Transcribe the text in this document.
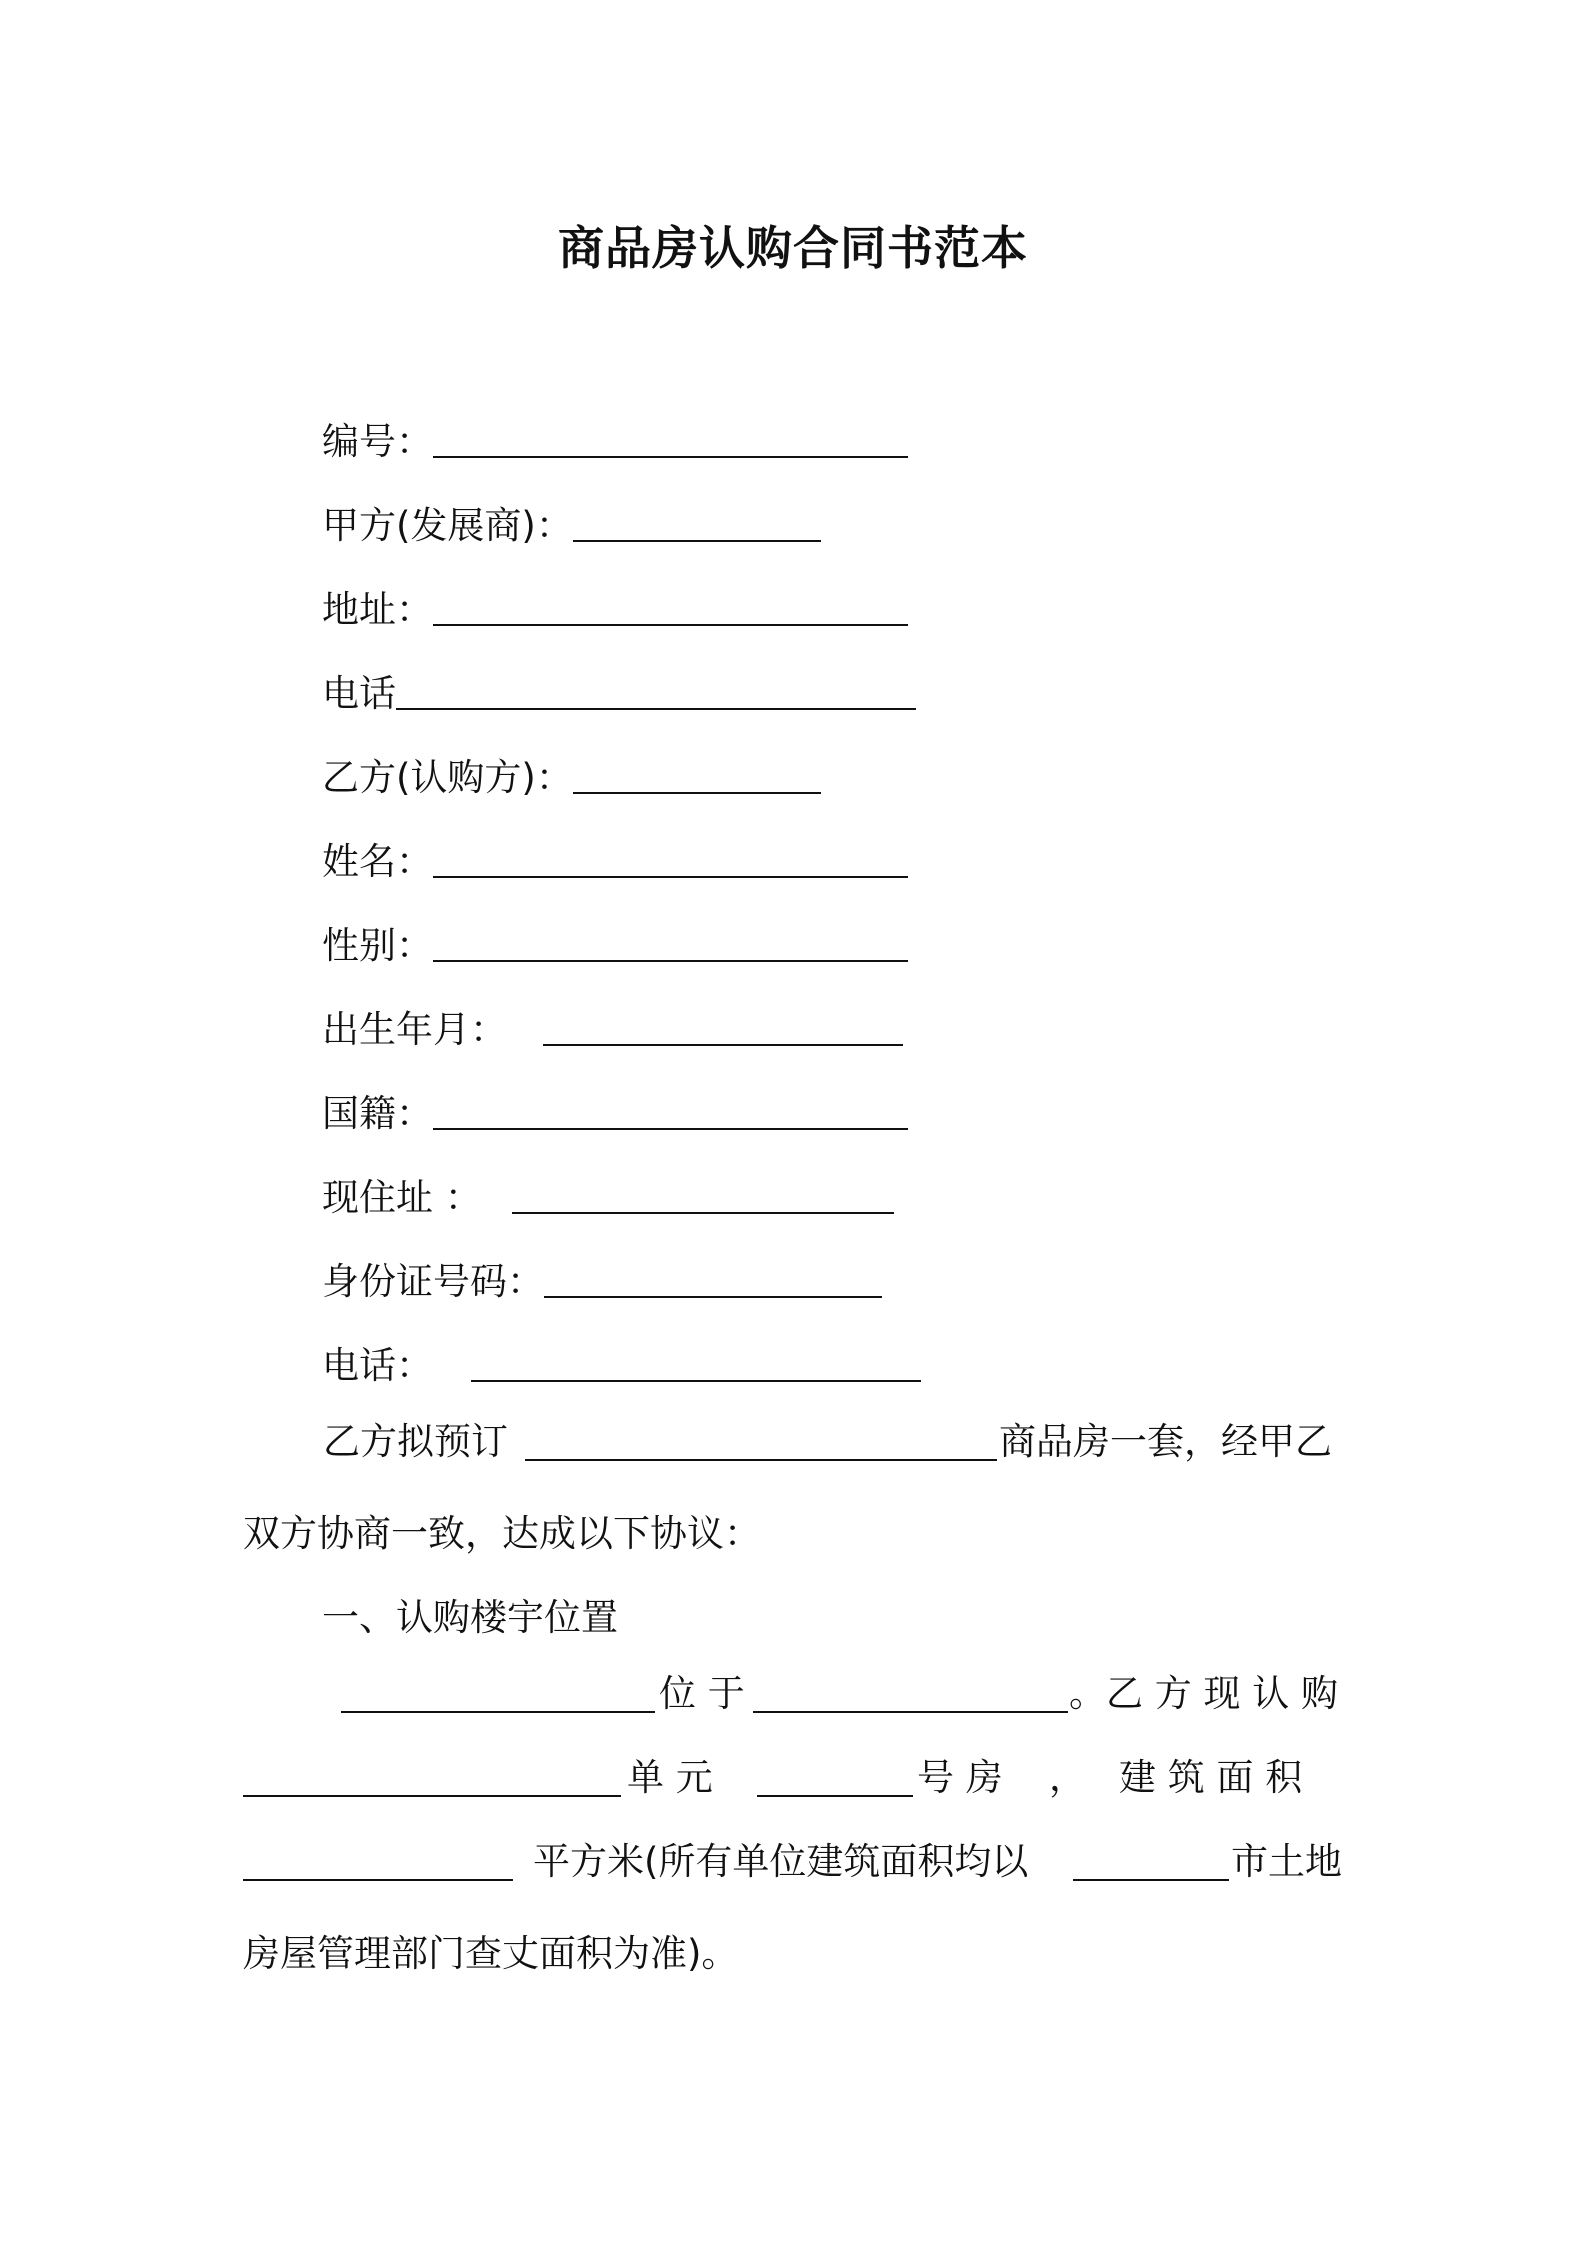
商品房认购合同书范本
编号：
甲方(发展商)：
地址：
电话
乙方(认购方)：
姓名：
性别：
出生年月：
国籍：
现住址 ：
身份证号码：
电话：
乙方拟预订	商品房一套，经甲乙
双方协商一致，达成以下协议：
一、认购楼宇位置
位 于	。乙 方 现 认 购
单 元	号 房 ， 建 筑 面 积
平方米(所有单位建筑面积均以	市土地
房屋管理部门查丈面积为准)。
